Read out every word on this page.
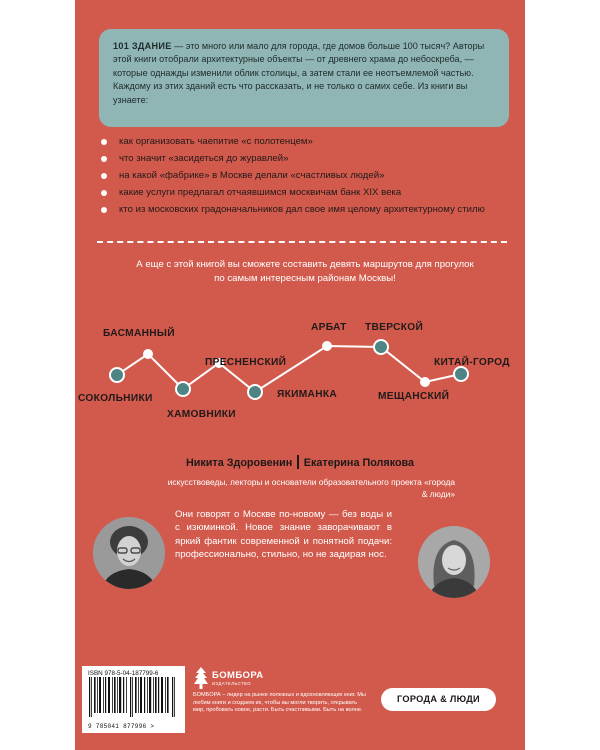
101 ЗДАНИЕ — это много или мало для города, где домов больше 100 тысяч? Авторы этой книги отобрали архитектурные объекты — от древнего храма до небоскреба, — которые однажды изменили облик столицы, а затем стали ее неотъемлемой частью. Каждому из этих зданий есть что рассказать, и не только о самих себе. Из книги вы узнаете:
как организовать чаепитие «с полотенцем»
что значит «засидеться до журавлей»
на какой «фабрике» в Москве делали «счастливых людей»
какие услуги предлагал отчаявшимся москвичам банк XIX века
кто из московских градоначальников дал свое имя целому архитектурному стилю
А еще с этой книгой вы сможете составить девять маршрутов для прогулок по самым интересным районам Москвы!
СОКОЛЬНИКИ
БАСМАННЫЙ
ХАМОВНИКИ
ПРЕСНЕНСКИЙ
ЯКИМАНКА
АРБАТ ТВЕРСКОЙ
МЕЩАНСКИЙ
КИТАЙ-ГОРОД
Никита Здоровенин Екатерина Полякова
искусствоведы, лекторы и основатели образовательного проекта «города & люди»
Они говорят о Москве по-новому — без воды и с изюминкой. Новое знание заворачивают в яркий фантик современной и понятной подачи: профессионально, стильно, но не задирая нос.
ISBN 978-5-04-187799-6
9 785041 877996 >
БОМБОРА
ИЗДАТЕЛЬСТВО
БОМБОРА – лидер на рынке полезных и вдохновляющих книг. Мы любим книги и создаем их, чтобы вы могли творить, открывать мир, пробовать новое, расти. Быть счастливыми. Быть на волне.
ГОРОДА & ЛЮДИ
